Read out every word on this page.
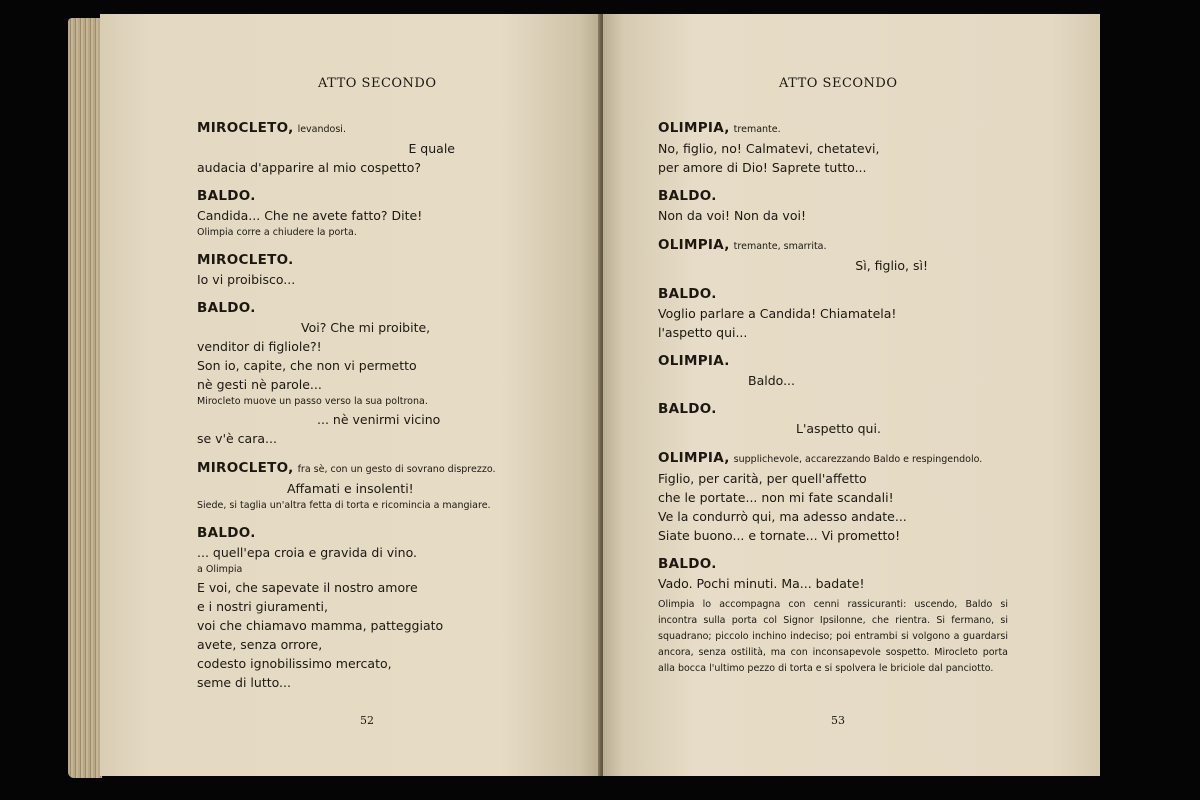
ATTO SECONDO
MIROCLETO, levandosi.
E quale
audacia d'apparire al mio cospetto?
BALDO.
Candida... Che ne avete fatto? Dite!
Olimpia corre a chiudere la porta.
MIROCLETO.
Io vi proibisco...
BALDO.
Voi? Che mi proibite,
venditor di figliole?!
Son io, capite, che non vi permetto
nè gesti nè parole...
Mirocleto muove un passo verso la sua poltrona.
... nè venirmi vicino
se v'è cara...
MIROCLETO, fra sè, con un gesto di sovrano disprezzo.
Affamati e insolenti!
Siede, si taglia un'altra fetta di torta e ricomincia a mangiare.
BALDO.
... quell'epa croia e gravida di vino.
a Olimpia
E voi, che sapevate il nostro amore
e i nostri giuramenti,
voi che chiamavo mamma, patteggiato
avete, senza orrore,
codesto ignobilissimo mercato,
seme di lutto...
52
ATTO SECONDO
OLIMPIA, tremante.
No, figlio, no! Calmatevi, chetatevi,
per amore di Dio! Saprete tutto...
BALDO.
Non da voi! Non da voi!
OLIMPIA, tremante, smarrita.
Sì, figlio, sì!
BALDO.
Voglio parlare a Candida! Chiamatela!
l'aspetto qui...
OLIMPIA.
Baldo...
BALDO.
L'aspetto qui.
OLIMPIA, supplichevole, accarezzando Baldo e respingendolo.
Figlio, per carità, per quell'affetto
che le portate... non mi fate scandali!
Ve la condurrò qui, ma adesso andate...
Siate buono... e tornate... Vi prometto!
BALDO.
Vado. Pochi minuti. Ma... badate!
Olimpia lo accompagna con cenni rassicuranti: uscendo, Baldo si incontra sulla porta col Signor Ipsilonne, che rientra. Si fermano, si squadrano; piccolo inchino indeciso; poi entrambi si volgono a guardarsi ancora, senza ostilità, ma con inconsapevole sospetto. Mirocleto porta alla bocca l'ultimo pezzo di torta e si spolvera le briciole dal panciotto.
53
